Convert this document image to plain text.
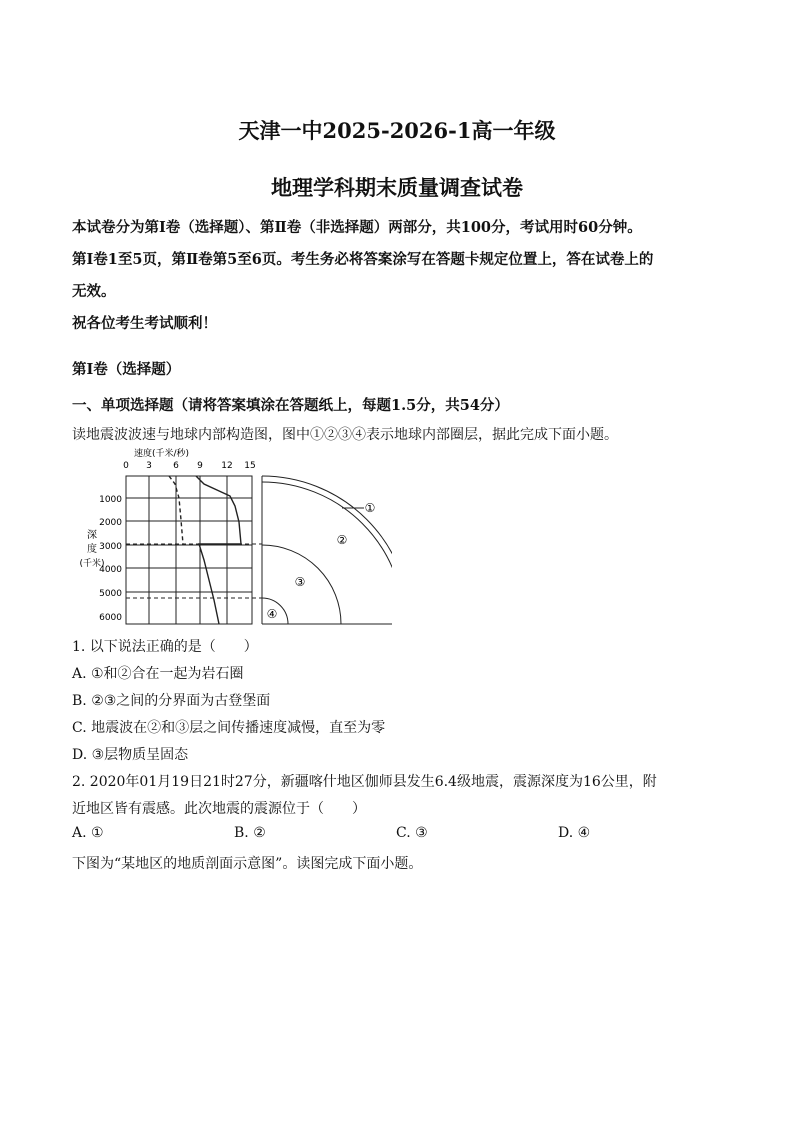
天津一中2025-2026-1高一年级
地理学科期末质量调查试卷
本试卷分为第Ⅰ卷（选择题）、第Ⅱ卷（非选择题）两部分，共100分，考试用时60分钟。
第Ⅰ卷1至5页，第Ⅱ卷第5至6页。考生务必将答案涂写在答题卡规定位置上，答在试卷上的
无效。
祝各位考生考试顺利！
第Ⅰ卷（选择题）
一、单项选择题（请将答案填涂在答题纸上，每题1.5分，共54分）
读地震波波速与地球内部构造图，图中①②③④表示地球内部圈层，据此完成下面小题。
速度(千米/秒)
0 3 6 9 12 15
1000
2000
3000
4000
5000
6000
深
度
(千米)
①
②
③
④
1. 以下说法正确的是（　　）
A. ①和②合在一起为岩石圈
B. ②③之间的分界面为古登堡面
C. 地震波在②和③层之间传播速度减慢，直至为零
D. ③层物质呈固态
2. 2020年01月19日21时27分，新疆喀什地区伽师县发生6.4级地震，震源深度为16公里，附
近地区皆有震感。此次地震的震源位于（　　）
A. ①	B. ②	C. ③	D. ④
下图为“某地区的地质剖面示意图”。读图完成下面小题。
